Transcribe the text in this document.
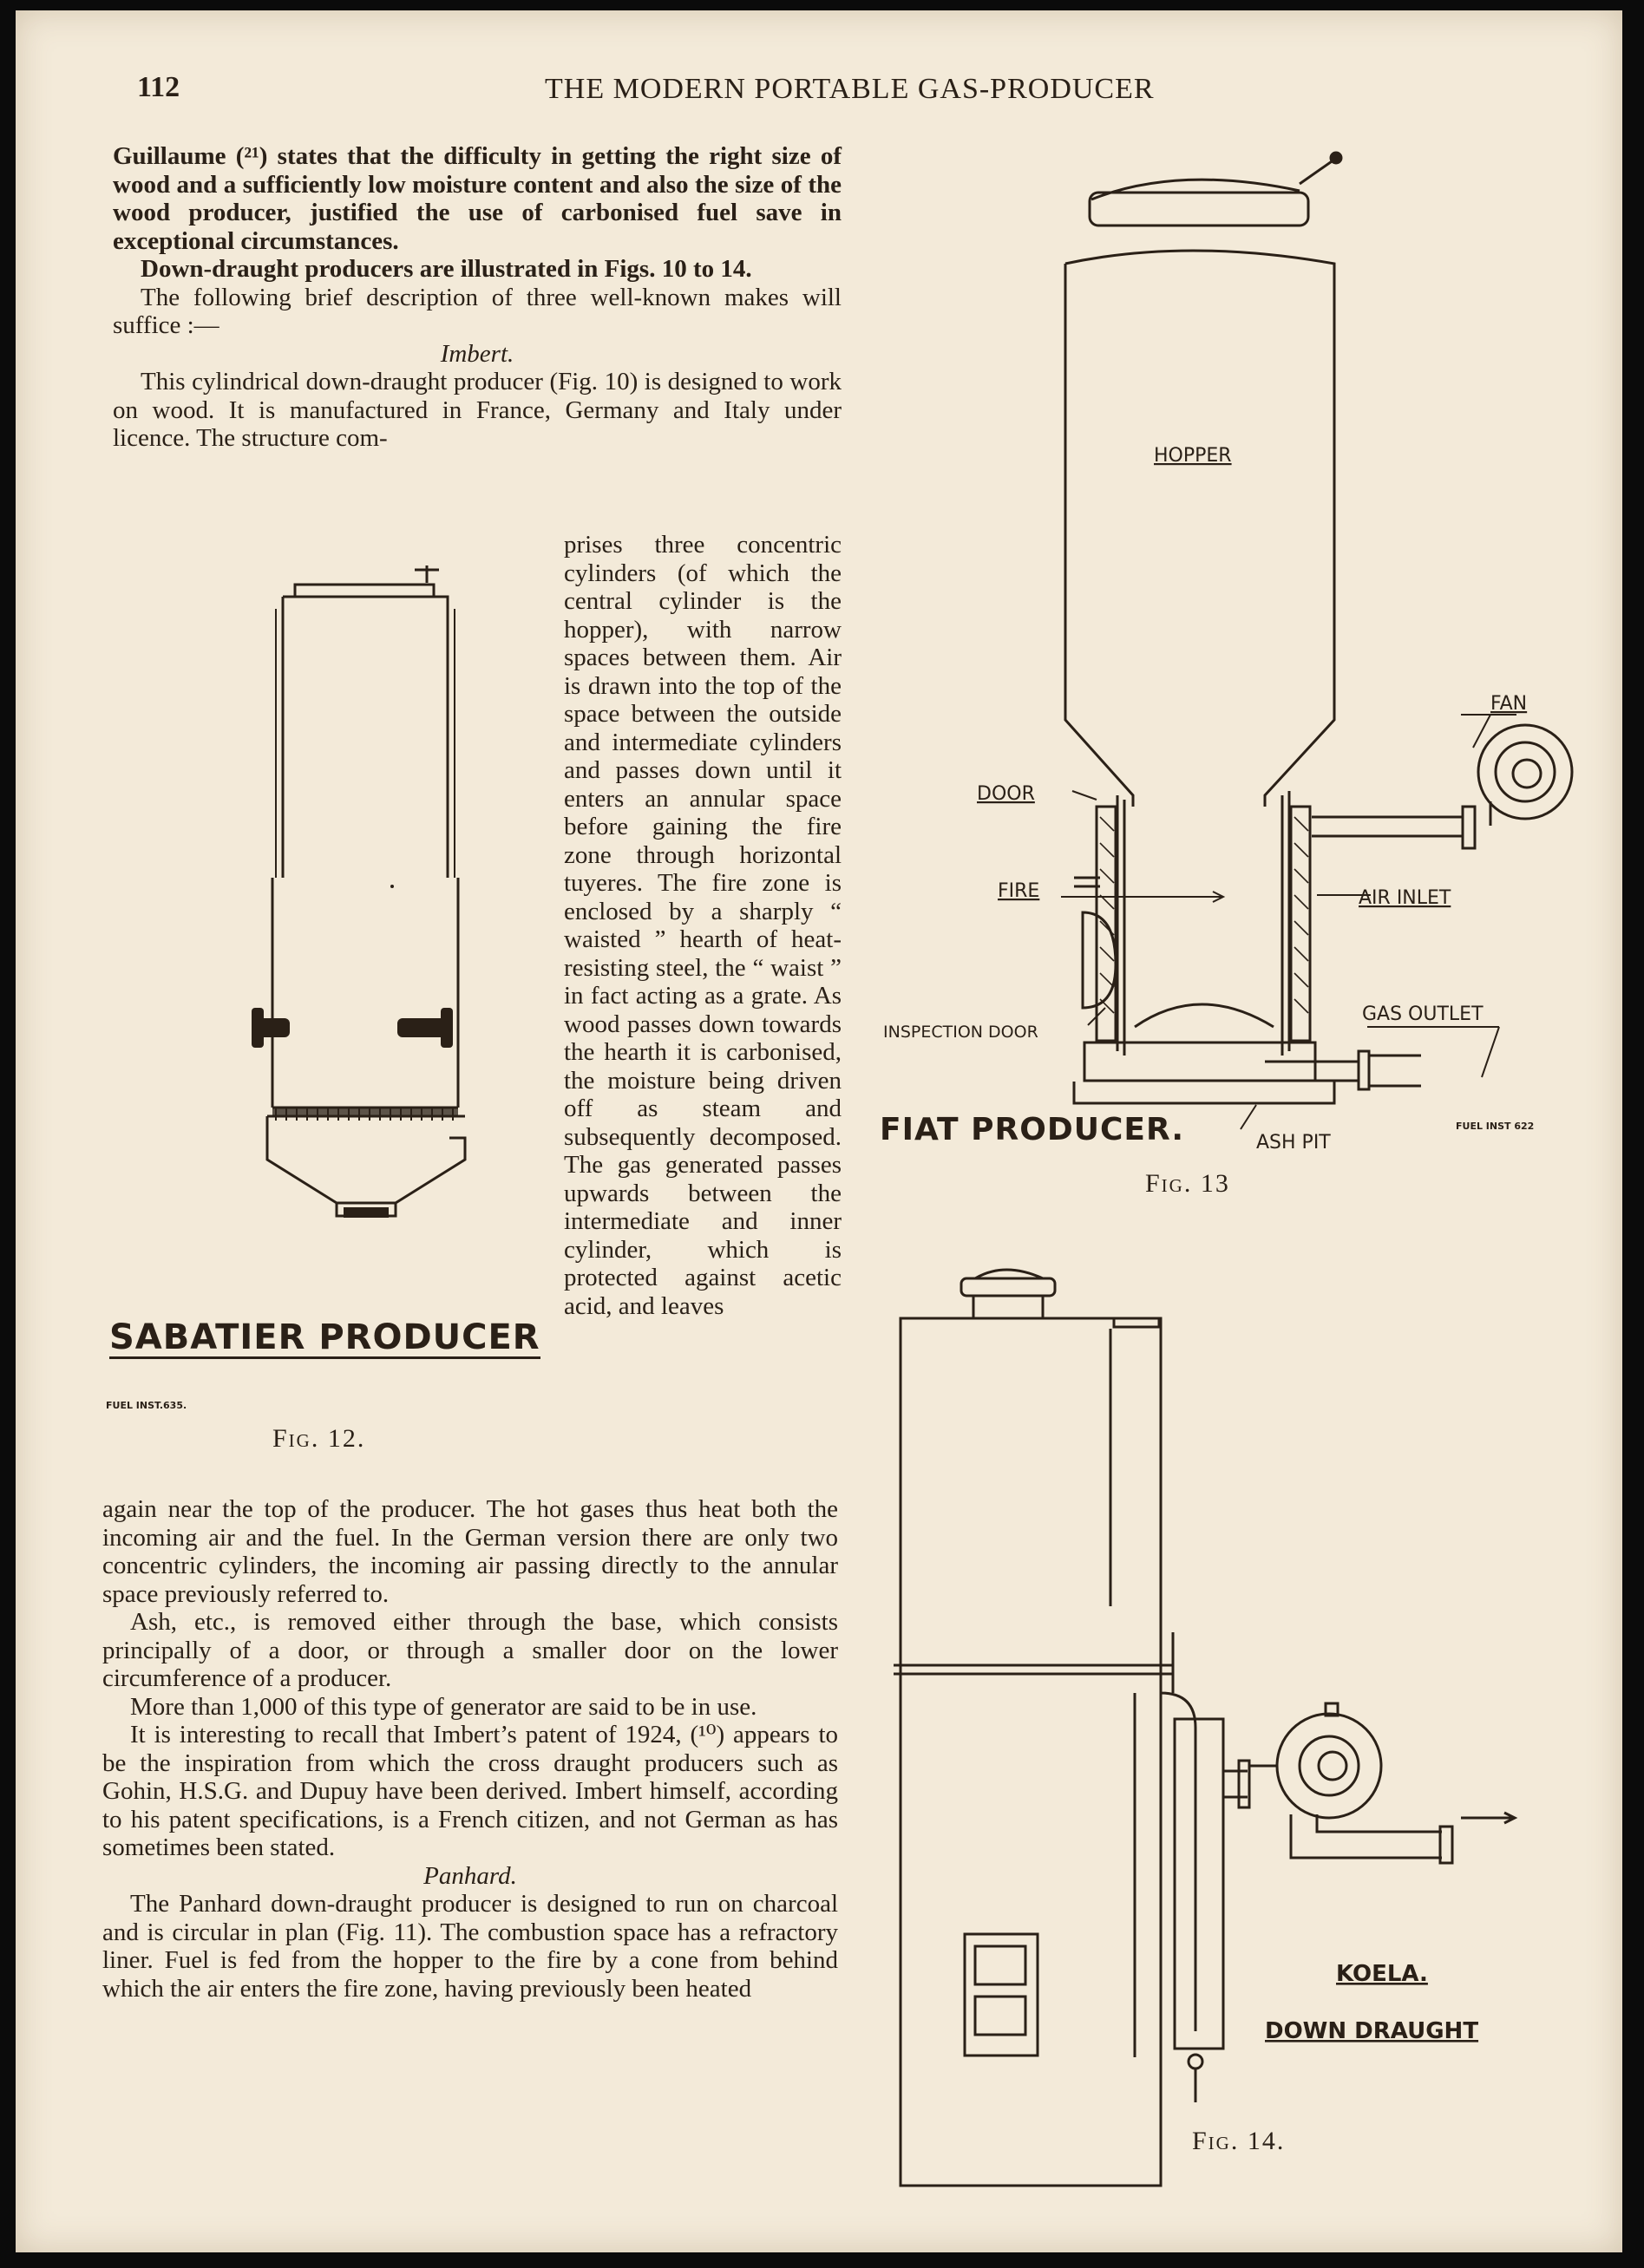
112	THE MODERN PORTABLE GAS-PRODUCER

Guillaume (²¹) states that the difficulty in getting the right size of wood and a sufficiently low moisture content and also the size of the wood producer, justified the use of carbonised fuel save in exceptional circumstances.

Down-draught producers are illustrated in Figs. 10 to 14.

The following brief description of three well-known makes will suffice :—

Imbert.

This cylindrical down-draught producer (Fig. 10) is designed to work on wood. It is manufactured in France, Germany and Italy under licence. The structure com-

prises three concentric cylinders (of which the central cylinder is the hopper), with narrow spaces between them. Air is drawn into the top of the space between the outside and intermediate cylinders and passes down until it enters an annular space before gaining the fire zone through horizontal tuyeres. The fire zone is enclosed by a sharply “ waisted ” hearth of heat-resisting steel, the “ waist ” in fact acting as a grate. As wood passes down towards the hearth it is carbonised, the moisture being driven off as steam and subsequently decomposed. The gas generated passes upwards between the intermediate and inner cylinder, which is protected against acetic acid, and leaves

again near the top of the producer. The hot gases thus heat both the incoming air and the fuel. In the German version there are only two concentric cylinders, the incoming air passing directly to the annular space previously referred to.

Ash, etc., is removed either through the base, which consists principally of a door, or through a smaller door on the lower circumference of a producer.

More than 1,000 of this type of generator are said to be in use.

It is interesting to recall that Imbert’s patent of 1924, (¹⁰) appears to be the inspiration from which the cross draught producers such as Gohin, H.S.G. and Dupuy have been derived. Imbert himself, according to his patent specifications, is a French citizen, and not German as has sometimes been stated.

Panhard.

The Panhard down-draught producer is designed to run on charcoal and is circular in plan (Fig. 11). The combustion space has a refractory liner. Fuel is fed from the hopper to the fire by a cone from behind which the air enters the fire zone, having previously been heated

SABATIER PRODUCER
FUEL INST.635.
Fig. 12.
HOPPER
FAN
DOOR
FIRE	AIR INLET
GAS OUTLET
INSPECTION DOOR
ASH PIT
FIAT PRODUCER.	FUEL INST 622
Fig. 13
KOELA.
DOWN DRAUGHT
Fig. 14.
